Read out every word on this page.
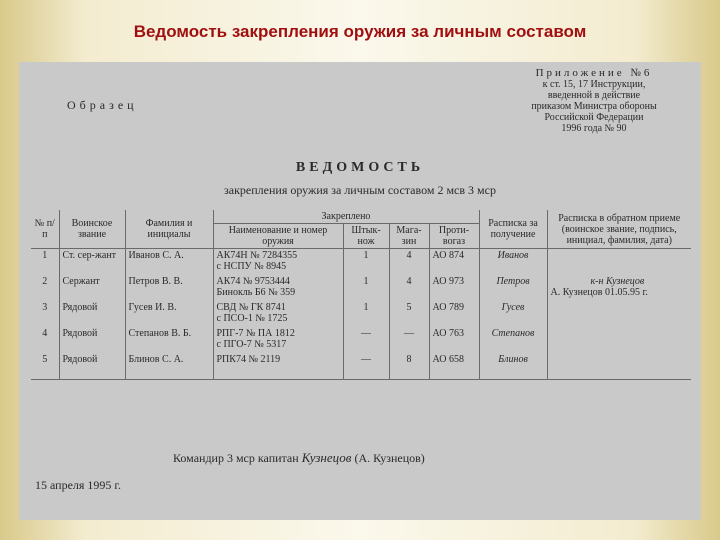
Ведомость закрепления оружия за личным составом
Приложение №6
к ст. 15, 17 Инструкции,
введенной в действие
приказом Министра обороны
Российской Федерации
1996 года № 90
Образец
ВЕДОМОСТЬ
закрепления оружия за личным составом 2 мсв 3 мср
№ п/п	Воинское звание	Фамилия и инициалы	Закреплено				Расписка за получение	Расписка в обратном приеме (воинское звание, подпись, инициал, фамилия, дата)
			Наименование и номер оружия	Штык-нож	Мага-зин	Проти-вогаз		
1	Ст. сер-жант	Иванов С. А.	АК74Н № 7284355
с НСПУ № 8945	1	4	АО 874	Иванов	
2	Сержант	Петров В. В.	АК74 № 9753444
Бинокль Б6 № 359	1	4	АО 973	Петров	к-н Кузнецов
А. Кузнецов 01.05.95 г.

3	Рядовой	Гусев И. В.	СВД № ГК 8741
с ПСО-1 № 1725	1	5	АО 789	Гусев	
4	Рядовой	Степанов В. Б.	РПГ-7 № ПА 1812
с ПГО-7 № 5317	—	—	АО 763	Степанов	
5	Рядовой	Блинов С. А.	РПК74 № 2119	—	8	АО 658	Блинов	
Командир 3 мср капитан Кузнецов (А. Кузнецов)
15 апреля 1995 г.
